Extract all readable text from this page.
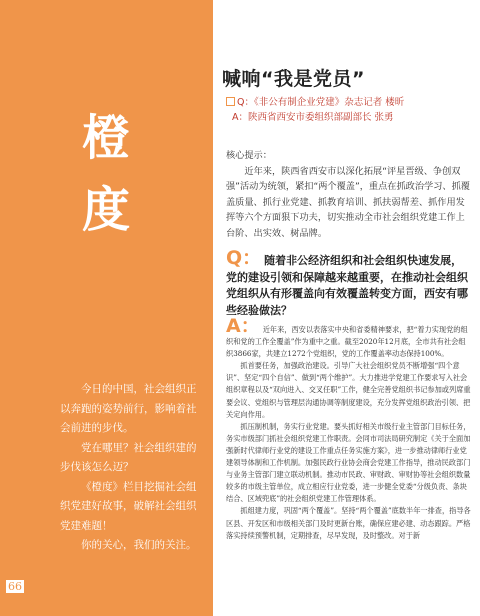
橙
度

今日的中国，社会组织正以奔跑的姿势前行，影响着社会前进的步伐。

党在哪里？社会组织建的步伐该怎么迈？

《橙度》栏目挖掘社会组织党建好故事，破解社会组织党建难题！

你的关心，我们的关注。

66
喊响“我是党员”
Q：《非公有制企业党建》杂志记者 楼昕
A：陕西省西安市委组织部副部长 张勇
核心提示：
近年来，陕西省西安市以深化拓展“评星晋级、争创双强”活动为统领，紧扣“两个覆盖”，重点在抓政治学习、抓覆盖质量、抓行业党建、抓教育培训、抓扶弱帮差、抓作用发挥等六个方面狠下功夫，切实推动全市社会组织党建工作上台阶、出实效、树品牌。
Q： 随着非公经济组织和社会组织快速发展，党的建设引领和保障越来越重要，在推动社会组织党组织从有形覆盖向有效覆盖转变方面，西安有哪些经验做法？

A： 近年来，西安以表落实中央和省委精神要求，把“着力实现党的组织和党的工作全覆盖”作为重中之重。截至2020年12月底，全市共有社会组织3866家，共建立1272个党组织，党的工作覆盖率动态保持100%。

抓首要任务，加强政治建设。引导广大社会组织党员不断增强“四个意识”、坚定“四个自信”、做到“两个维护”。大力推进学党建工作要求写入社会组织章程以及“双向进入、交叉任职”工作，健全完善党组织书记参加或列席重要会议、党组织与管理层沟通协调等制度建设，充分发挥党组织政治引领、把关定向作用。

抓压制机制，务实行业党建。要头抓好相关市级行业主管部门目标任务，务实市级部门抓社会组织党建工作职责。会同市司法局研究制定《关于全面加强新时代律师行业党的建设工作重点任务实施方案》，进一步推动律师行业党建领导体制和工作机制。加强民政行业协会商会党建工作指导，推动民政部门与业务主管部门建立联动机制。推动市民政、审财政、审财协等社会组织数量较多的市级主管单位，成立相应行业党委，进一步健全党委“分级负责、条块结合、区域兜底”的社会组织党建工作管理体系。

抓组建力度，巩固“两个覆盖”。坚持“两个覆盖”底数半年一排查，指导各区县、开发区和市级相关部门及时更新台账，确保应建必建、动态跟踪。严格落实持续预警机制，定期排查，尽早发现，及时整改。对于新
